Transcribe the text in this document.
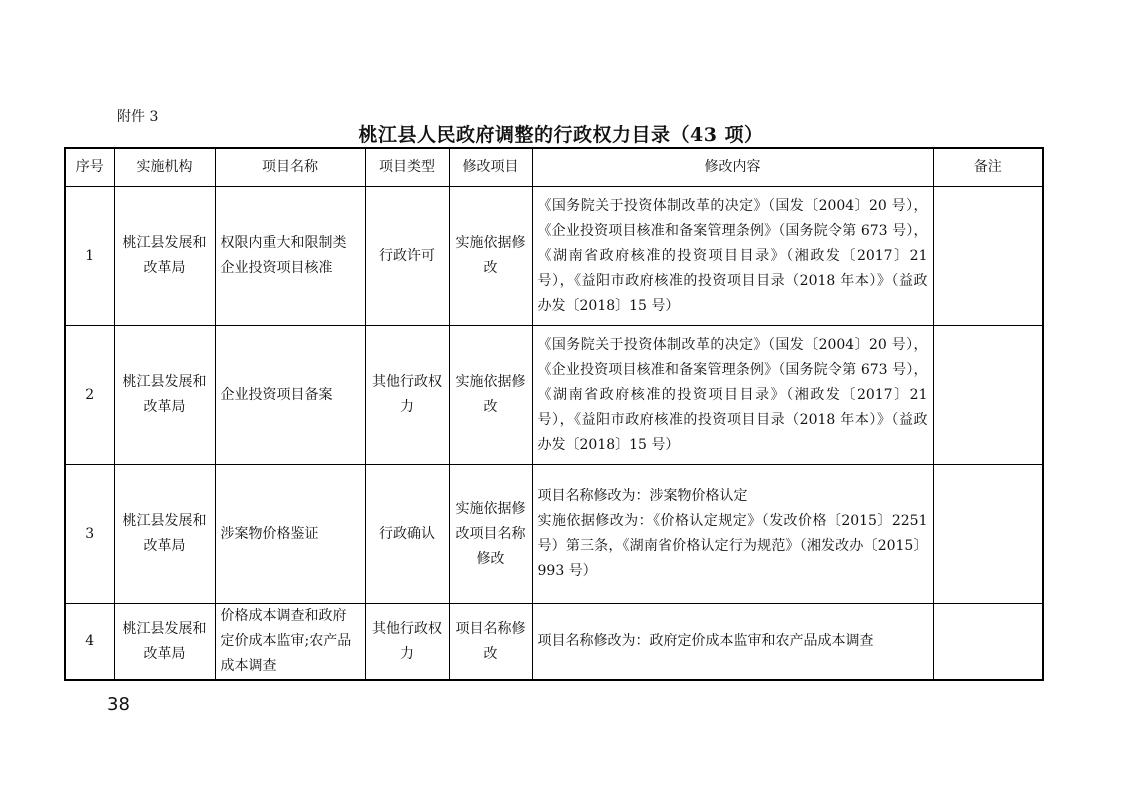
附件 3
桃江县人民政府调整的行政权力目录（43 项）
序号	实施机构	项目名称	项目类型	修改项目	修改内容	备注
1	桃江县发展和改革局	权限内重大和限制类企业投资项目核准	行政许可	实施依据修改	《国务院关于投资体制改革的决定》（国发〔2004〕20 号），《企业投资项目核准和备案管理条例》（国务院令第 673 号），《湖南省政府核准的投资项目目录》（湘政发〔2017〕21 号），《益阳市政府核准的投资项目目录（2018 年本）》（益政办发〔2018〕15 号）	
2	桃江县发展和改革局	企业投资项目备案	其他行政权力	实施依据修改	《国务院关于投资体制改革的决定》（国发〔2004〕20 号），《企业投资项目核准和备案管理条例》（国务院令第 673 号），《湖南省政府核准的投资项目目录》（湘政发〔2017〕21 号），《益阳市政府核准的投资项目目录（2018 年本）》（益政办发〔2018〕15 号）	
3	桃江县发展和改革局	涉案物价格鉴证	行政确认	实施依据修改项目名称修改	项目名称修改为：涉案物价格认定
实施依据修改为：《价格认定规定》（发改价格〔2015〕2251 号）第三条，《湖南省价格认定行为规范》（湘发改办〔2015〕993 号）	

4	桃江县发展和改革局	价格成本调查和政府定价成本监审;农产品成本调查	其他行政权力	项目名称修改	项目名称修改为：政府定价成本监审和农产品成本调查	
38
